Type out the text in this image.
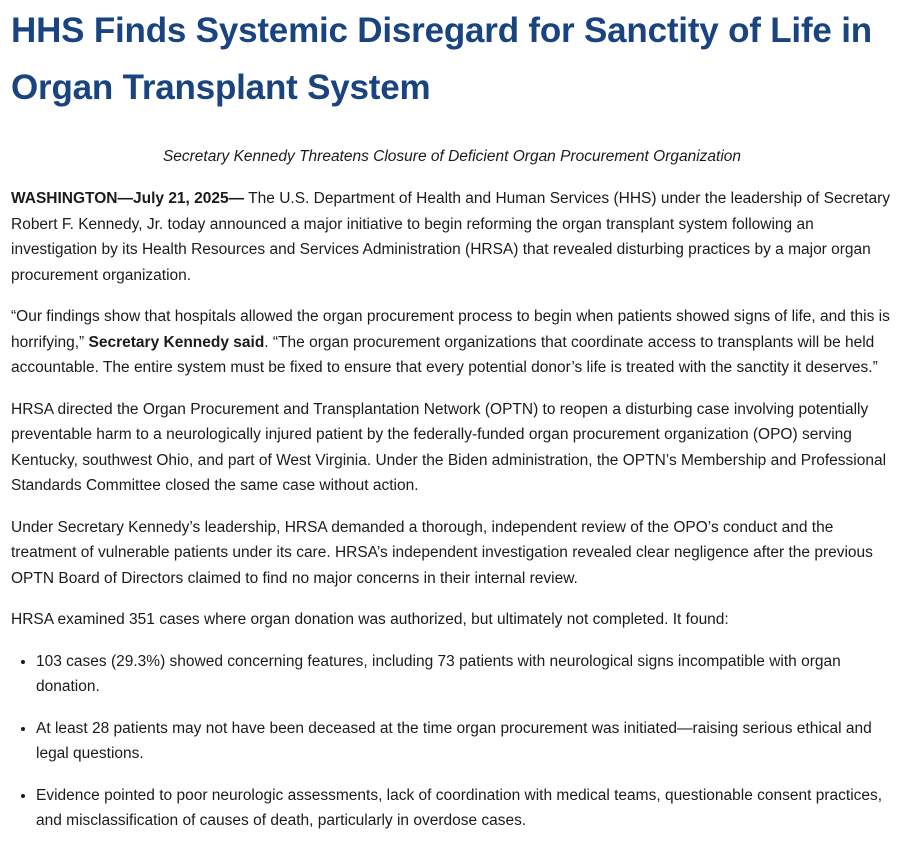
HHS Finds Systemic Disregard for Sanctity of Life in Organ Transplant System
Secretary Kennedy Threatens Closure of Deficient Organ Procurement Organization

WASHINGTON—July 21, 2025— The U.S. Department of Health and Human Services (HHS) under the leadership of Secretary Robert F. Kennedy, Jr. today announced a major initiative to begin reforming the organ transplant system following an investigation by its Health Resources and Services Administration (HRSA) that revealed disturbing practices by a major organ procurement organization.

“Our findings show that hospitals allowed the organ procurement process to begin when patients showed signs of life, and this is horrifying,” Secretary Kennedy said. “The organ procurement organizations that coordinate access to transplants will be held accountable. The entire system must be fixed to ensure that every potential donor’s life is treated with the sanctity it deserves.”

HRSA directed the Organ Procurement and Transplantation Network (OPTN) to reopen a disturbing case involving potentially preventable harm to a neurologically injured patient by the federally-funded organ procurement organization (OPO) serving Kentucky, southwest Ohio, and part of West Virginia. Under the Biden administration, the OPTN’s Membership and Professional Standards Committee closed the same case without action.

Under Secretary Kennedy’s leadership, HRSA demanded a thorough, independent review of the OPO’s conduct and the treatment of vulnerable patients under its care. HRSA’s independent investigation revealed clear negligence after the previous OPTN Board of Directors claimed to find no major concerns in their internal review.

HRSA examined 351 cases where organ donation was authorized, but ultimately not completed. It found:

• 103 cases (29.3%) showed concerning features, including 73 patients with neurological signs incompatible with organ donation.
• At least 28 patients may not have been deceased at the time organ procurement was initiated—raising serious ethical and legal questions.
• Evidence pointed to poor neurologic assessments, lack of coordination with medical teams, questionable consent practices, and misclassification of causes of death, particularly in overdose cases.
